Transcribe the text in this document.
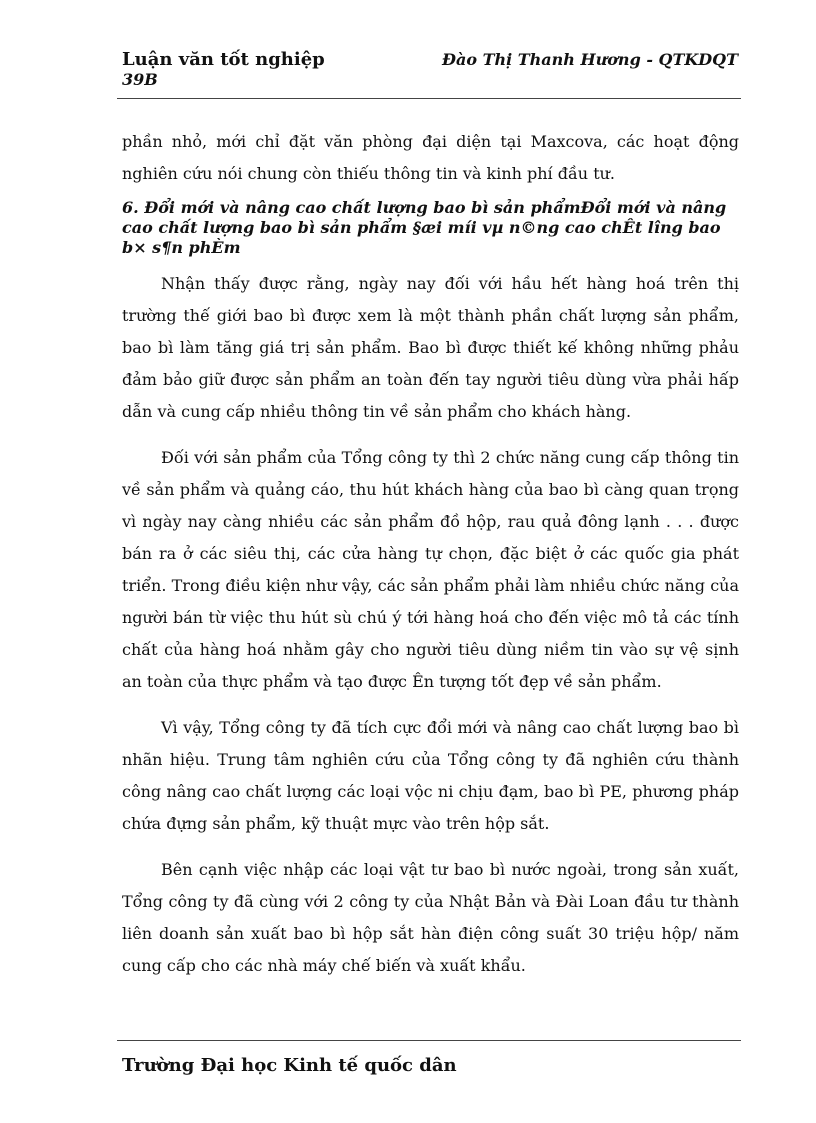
Luận văn tốt nghiệp
39B
Đào Thị Thanh Hương - QTKDQT

phần nhỏ, mới chỉ đặt văn phòng đại diện tại Maxcova, các hoạt động nghiên cứu nói chung còn thiếu thông tin và kinh phí đầu tư.

6. Đổi mới và nâng cao chất lượng bao bì sản phẩmĐổi mới và nâng cao chất lượng bao bì sản phẩm §æi míi vµ n©ng cao chÊt lîng bao b× s¶n phÈm

Nhận thấy được rằng, ngày nay đối với hầu hết hàng hoá trên thị trường thế giới bao bì được xem là một thành phần chất lượng sản phẩm, bao bì làm tăng giá trị sản phẩm. Bao bì được thiết kế không những phảu đảm bảo giữ được sản phẩm an toàn đến tay người tiêu dùng vừa phải hấp dẫn và cung cấp nhiều thông tin về sản phẩm cho khách hàng.

Đối với sản phẩm của Tổng công ty thì 2 chức năng cung cấp thông tin về sản phẩm và quảng cáo, thu hút khách hàng của bao bì càng quan trọng vì ngày nay càng nhiều các sản phẩm đồ hộp, rau quả đông lạnh . . . được bán ra ở các siêu thị, các cửa hàng tự chọn, đặc biệt ở các quốc gia phát triển. Trong điều kiện như vậy, các sản phẩm phải làm nhiều chức năng của người bán từ việc thu hút sù chú ý tới hàng hoá cho đến việc mô tả các tính chất của hàng hoá nhằm gây cho người tiêu dùng niềm tin vào sự vệ sịnh an toàn của thực phẩm và tạo được Ên tượng tốt đẹp về sản phẩm.

Vì vậy, Tổng công ty đã tích cực đổi mới và nâng cao chất lượng bao bì nhãn hiệu. Trung tâm nghiên cứu của Tổng công ty đã nghiên cứu thành công nâng cao chất lượng các loại vộc ni chịu đạm, bao bì PE, phương pháp chứa đựng sản phẩm, kỹ thuật mực vào trên hộp sắt.

Bên cạnh việc nhập các loại vật tư bao bì nước ngoài, trong sản xuất, Tổng công ty đã cùng với 2 công ty của Nhật Bản và Đài Loan đầu tư thành liên doanh sản xuất bao bì hộp sắt hàn điện công suất 30 triệu hộp/ năm cung cấp cho các nhà máy chế biến và xuất khẩu.

Trường Đại học Kinh tế quốc dân
